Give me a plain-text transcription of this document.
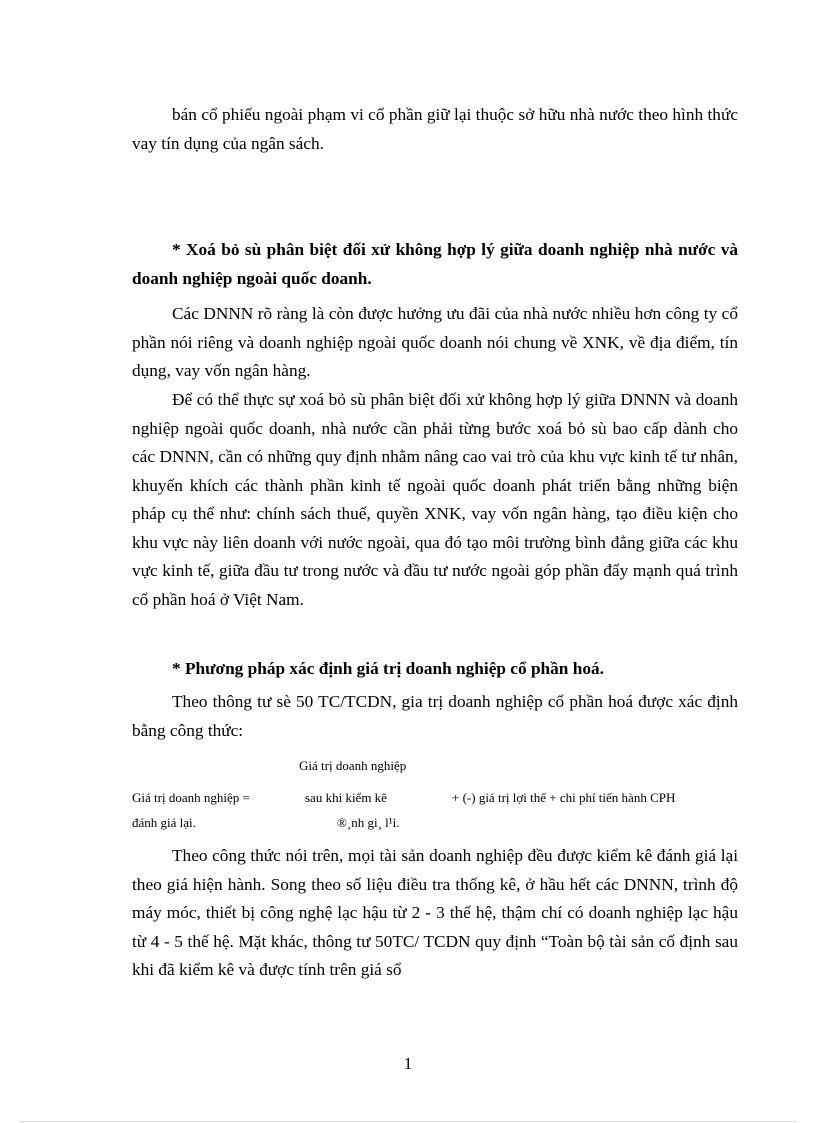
bán cổ phiếu ngoài phạm vi cổ phần giữ lại thuộc sở hữu nhà nước theo hình thức vay tín dụng của ngân sách.

* Xoá bỏ sù phân biệt đối xử không hợp lý giữa doanh nghiệp nhà nước và doanh nghiệp ngoài quốc doanh.

Các DNNN rõ ràng là còn được hưởng ưu đãi của nhà nước nhiều hơn công ty cổ phần nói riêng và doanh nghiệp ngoài quốc doanh nói chung về XNK, về địa điểm, tín dụng, vay vốn ngân hàng.

Để có thể thực sự xoá bỏ sù phân biệt đối xử không hợp lý giữa DNNN và doanh nghiệp ngoài quốc doanh, nhà nước cần phải từng bước xoá bỏ sù bao cấp dành cho các DNNN, cần có những quy định nhằm nâng cao vai trò của khu vực kinh tế tư nhân, khuyến khích các thành phần kinh tế ngoài quốc doanh phát triển bằng những biện pháp cụ thể như: chính sách thuế, quyền XNK, vay vốn ngân hàng, tạo điều kiện cho khu vực này liên doanh với nước ngoài, qua đó tạo môi trường bình đẳng giữa các khu vực kinh tế, giữa đầu tư trong nước và đầu tư nước ngoài góp phần đẩy mạnh quá trình cổ phần hoá ở Việt Nam.

* Phương pháp xác định giá trị doanh nghiệp cổ phần hoá.

Theo thông tư sè 50 TC/TCDN, gia trị doanh nghiệp cổ phần hoá được xác định bằng công thức:

Giá trị doanh nghiệp
Giá trị doanh nghiệp =	sau khi kiểm kê	+ (-) giá trị lợi thế + chi phí tiến hành CPH
đánh giá lại.	®¸nh gi¸ l¹i.

Theo công thức nói trên, mọi tài sản doanh nghiệp đều được kiểm kê đánh giá lại theo giá hiện hành. Song theo số liệu điều tra thống kê, ở hầu hết các DNNN, trình độ máy móc, thiết bị công nghệ lạc hậu từ 2 - 3 thế hệ, thậm chí có doanh nghiệp lạc hậu từ 4 - 5 thế hệ. Mặt khác, thông tư 50TC/ TCDN quy định “Toàn bộ tài sản cố định sau khi đã kiểm kê và được tính trên giá sổ

1
